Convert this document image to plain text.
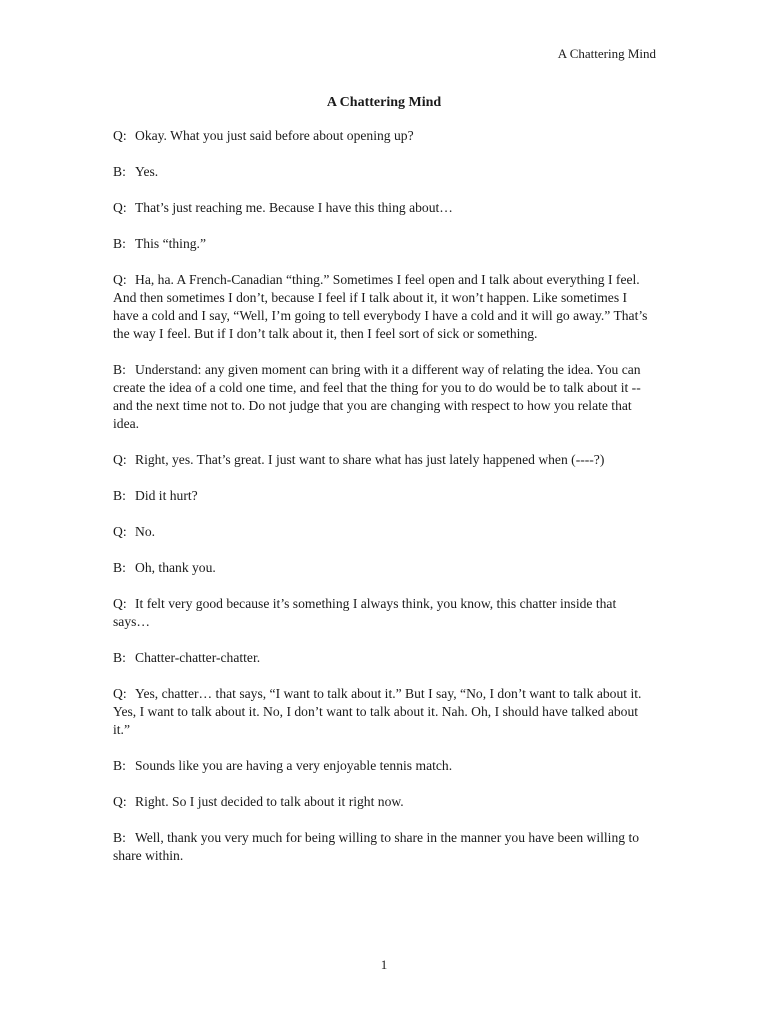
A Chattering Mind
A Chattering Mind

Q: Okay. What you just said before about opening up?

B: Yes.

Q: That’s just reaching me. Because I have this thing about…

B: This “thing.”

Q: Ha, ha. A French-Canadian “thing.” Sometimes I feel open and I talk about everything I feel. And then sometimes I don’t, because I feel if I talk about it, it won’t happen. Like sometimes I have a cold and I say, “Well, I’m going to tell everybody I have a cold and it will go away.” That’s the way I feel. But if I don’t talk about it, then I feel sort of sick or something.

B: Understand: any given moment can bring with it a different way of relating the idea. You can create the idea of a cold one time, and feel that the thing for you to do would be to talk about it -- and the next time not to. Do not judge that you are changing with respect to how you relate that idea.

Q: Right, yes. That’s great. I just want to share what has just lately happened when (----?)

B: Did it hurt?

Q: No.

B: Oh, thank you.

Q: It felt very good because it’s something I always think, you know, this chatter inside that says…

B: Chatter-chatter-chatter.

Q: Yes, chatter… that says, “I want to talk about it.” But I say, “No, I don’t want to talk about it. Yes, I want to talk about it. No, I don’t want to talk about it. Nah. Oh, I should have talked about it.”

B: Sounds like you are having a very enjoyable tennis match.

Q: Right. So I just decided to talk about it right now.

B: Well, thank you very much for being willing to share in the manner you have been willing to share within.

1
